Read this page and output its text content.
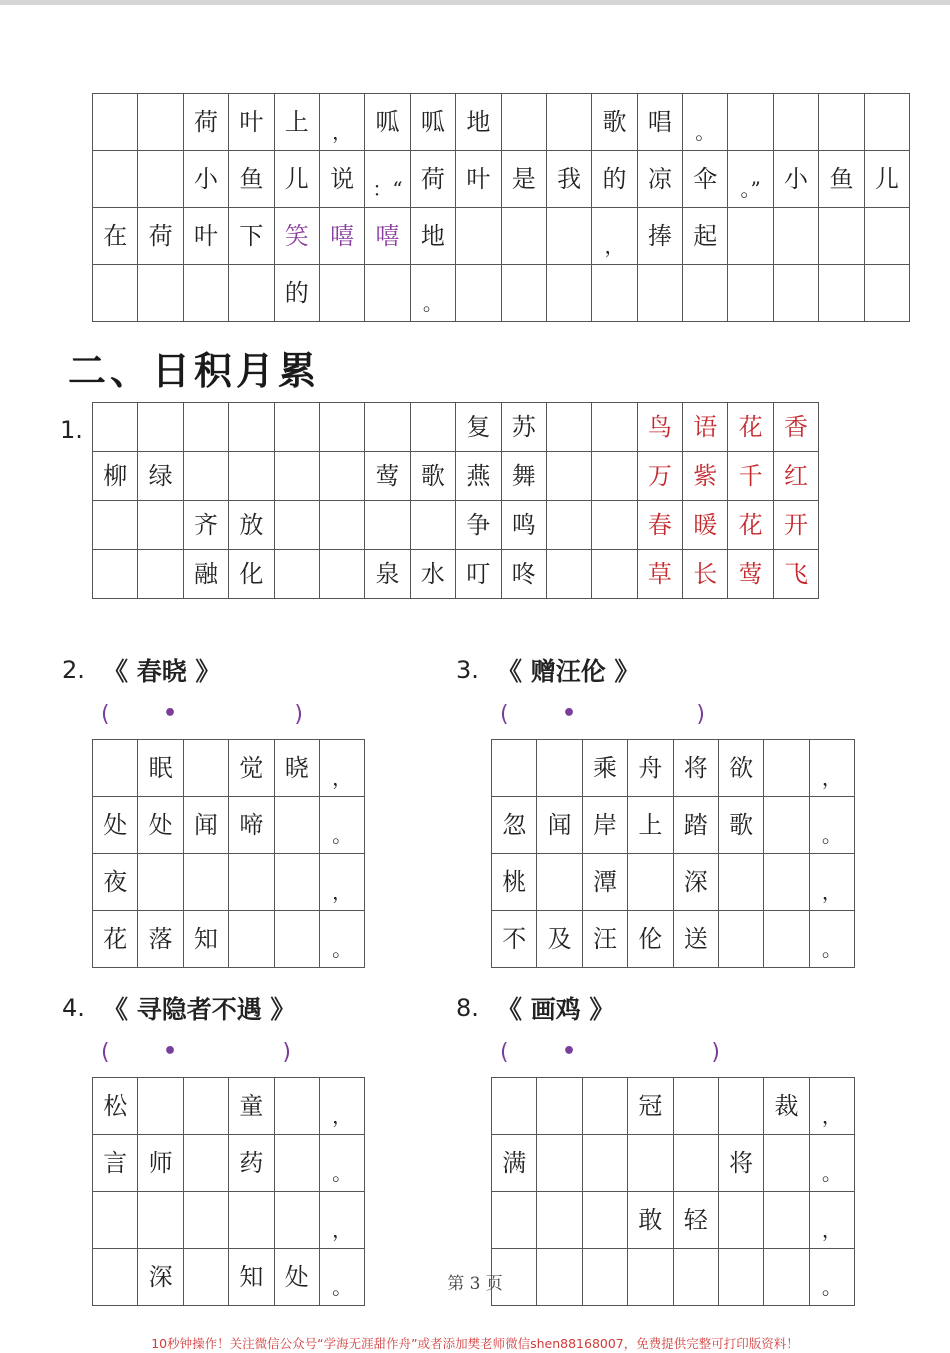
		荷	叶	上	，	呱	呱	地			歌	唱	。				
		小	鱼	儿	说	：“	荷	叶	是	我	的	凉	伞	。”	小	鱼	儿
在	荷	叶	下	笑	嘻	嘻	地				，	捧	起				
				的			。										
二、日积月累
1.
									复	苏			鸟	语	花	香
柳	绿					莺	歌	燕	舞			万	紫	千	红
		齐	放					争	鸣			春	暖	花	开
		融	化			泉	水	叮	咚			草	长	莺	飞
2. 《 春晓 》
( •	)
	眠		觉	晓	，
处	处	闻	啼		。
夜					，
花	落	知			。
3. 《 赠汪伦 》
( •	)
		乘	舟	将	欲		，
忽	闻	岸	上	踏	歌		。
桃		潭		深			，
不	及	汪	伦	送			。
4. 《 寻隐者不遇 》
( •	)
松			童		，
言	师		药		。
					，
	深		知	处	。
8. 《 画鸡 》
( •	)
			冠			裁	，
满					将		。
			敢	轻			，
							。
第 3 页
10秒钟操作！关注微信公众号“学海无涯甜作舟”或者添加樊老师微信shen88168007，免费提供完整可打印版资料！
